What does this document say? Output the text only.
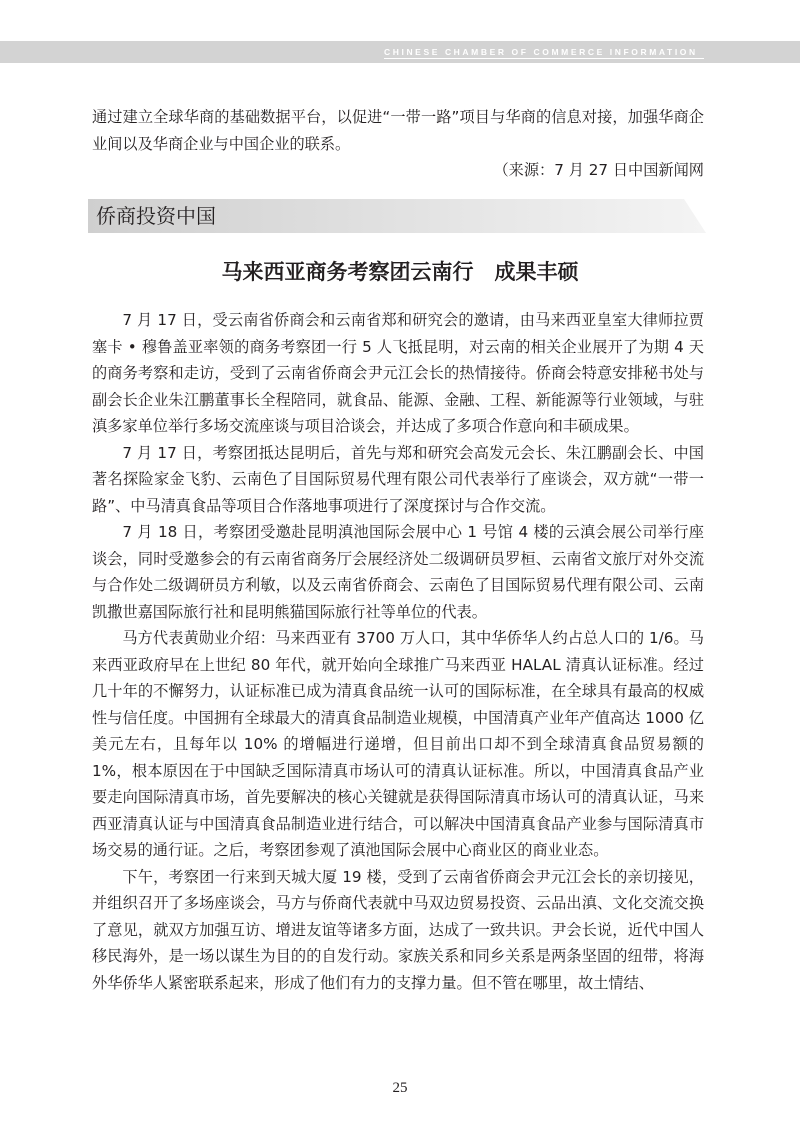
CHINESE CHAMBER OF COMMERCE INFORMATION

通过建立全球华商的基础数据平台，以促进“一带一路”项目与华商的信息对接，加强华商企业间以及华商企业与中国企业的联系。

（来源：7 月 27 日中国新闻网
侨商投资中国
马来西亚商务考察团云南行　成果丰硕

7 月 17 日，受云南省侨商会和云南省郑和研究会的邀请，由马来西亚皇室大律师拉贾塞卡 • 穆鲁盖亚率领的商务考察团一行 5 人飞抵昆明，对云南的相关企业展开了为期 4 天的商务考察和走访，受到了云南省侨商会尹元江会长的热情接待。侨商会特意安排秘书处与副会长企业朱江鹏董事长全程陪同，就食品、能源、金融、工程、新能源等行业领域，与驻滇多家单位举行多场交流座谈与项目洽谈会，并达成了多项合作意向和丰硕成果。

7 月 17 日，考察团抵达昆明后，首先与郑和研究会高发元会长、朱江鹏副会长、中国著名探险家金飞豹、云南色了目国际贸易代理有限公司代表举行了座谈会，双方就“一带一路”、中马清真食品等项目合作落地事项进行了深度探讨与合作交流。

7 月 18 日，考察团受邀赴昆明滇池国际会展中心 1 号馆 4 楼的云滇会展公司举行座谈会，同时受邀参会的有云南省商务厅会展经济处二级调研员罗桓、云南省文旅厅对外交流与合作处二级调研员方利敏，以及云南省侨商会、云南色了目国际贸易代理有限公司、云南凯撒世嘉国际旅行社和昆明熊猫国际旅行社等单位的代表。

马方代表黄勋业介绍：马来西亚有 3700 万人口，其中华侨华人约占总人口的 1/6。马来西亚政府早在上世纪 80 年代，就开始向全球推广马来西亚 HALAL 清真认证标准。经过几十年的不懈努力，认证标准已成为清真食品统一认可的国际标准，在全球具有最高的权威性与信任度。中国拥有全球最大的清真食品制造业规模，中国清真产业年产值高达 1000 亿美元左右，且每年以 10% 的增幅进行递增，但目前出口却不到全球清真食品贸易额的 1%，根本原因在于中国缺乏国际清真市场认可的清真认证标准。所以，中国清真食品产业要走向国际清真市场，首先要解决的核心关键就是获得国际清真市场认可的清真认证，马来西亚清真认证与中国清真食品制造业进行结合，可以解决中国清真食品产业参与国际清真市场交易的通行证。之后，考察团参观了滇池国际会展中心商业区的商业业态。

下午，考察团一行来到天城大厦 19 楼，受到了云南省侨商会尹元江会长的亲切接见，并组织召开了多场座谈会，马方与侨商代表就中马双边贸易投资、云品出滇、文化交流交换了意见，就双方加强互访、增进友谊等诸多方面，达成了一致共识。尹会长说，近代中国人移民海外，是一场以谋生为目的的自发行动。家族关系和同乡关系是两条坚固的纽带，将海外华侨华人紧密联系起来，形成了他们有力的支撑力量。但不管在哪里，故土情结、

25
